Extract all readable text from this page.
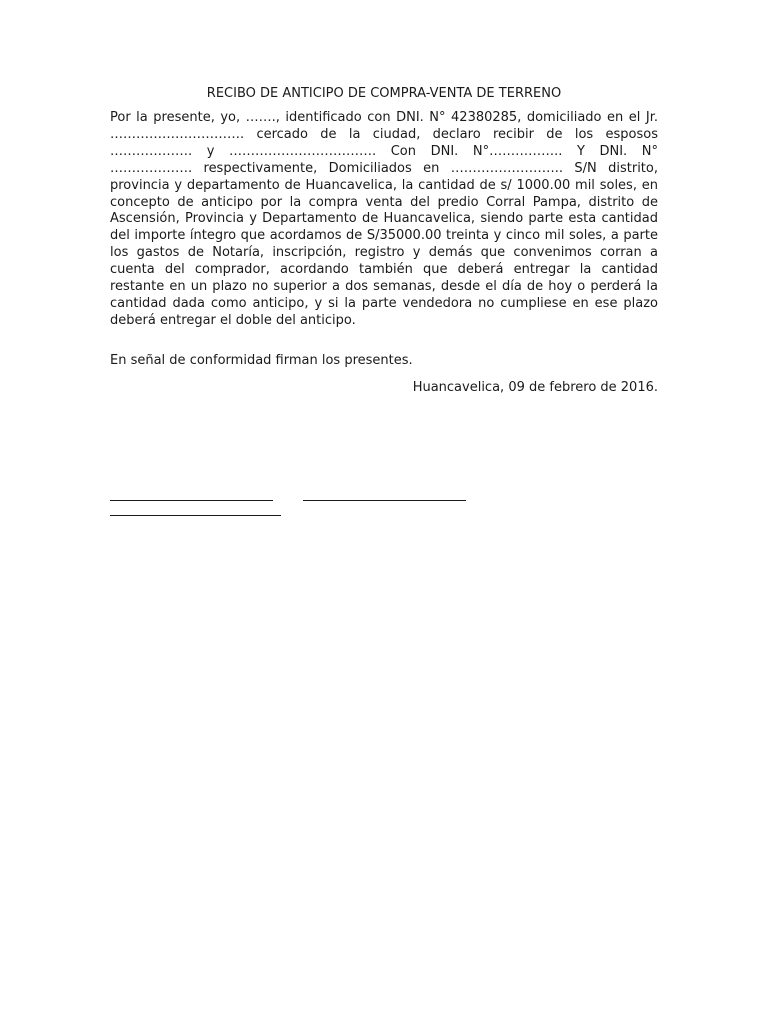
RECIBO DE ANTICIPO DE COMPRA-VENTA DE TERRENO

Por la presente, yo, ……., identificado con DNI. N° 42380285, domiciliado en el Jr. …………………………. cercado de la ciudad, declaro recibir de los esposos ………………. y ……………………………. Con DNI. N°…………….. Y DNI. N° ………………. respectivamente, Domiciliados en …………………….. S/N distrito, provincia y departamento de Huancavelica, la cantidad de s/ 1000.00 mil soles, en concepto de anticipo por la compra venta del predio Corral Pampa, distrito de Ascensión, Provincia y Departamento de Huancavelica, siendo parte esta cantidad del importe íntegro que acordamos de S/35000.00 treinta y cinco mil soles, a parte los gastos de Notaría, inscripción, registro y demás que convenimos corran a cuenta del comprador, acordando también que deberá entregar la cantidad restante en un plazo no superior a dos semanas, desde el día de hoy o perderá la cantidad dada como anticipo, y si la parte vendedora no cumpliese en ese plazo deberá entregar el doble del anticipo.

En señal de conformidad firman los presentes.

Huancavelica, 09 de febrero de 2016.
